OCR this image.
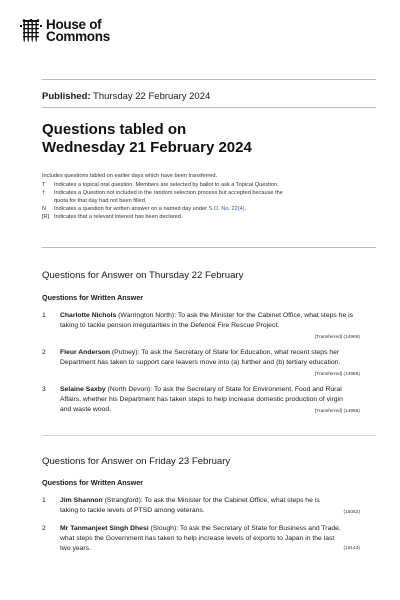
House of
Commons
Published: Thursday 22 February 2024
Questions tabled on
Wednesday 21 February 2024
Includes questions tabled on earlier days which have been transferred.
T	Indicates a topical oral question. Members are selected by ballot to ask a Topical Question.
†	Indicates a Question not included in the random selection process but accepted because the quota for that day had not been filled.
N	Indicates a question for written answer on a named day under S.O. No. 22(4).
[R] Indicates that a relevant interest has been declared.
Questions for Answer on Thursday 22 February
Questions for Written Answer
1 Charlotte Nichols (Warrington North): To ask the Minister for the Cabinet Office, what steps he is taking to tackle pension irregularities in the Defence Fire Rescue Project.
[Transferred] (14969)
2 Fleur Anderson (Putney): To ask the Secretary of State for Education, what recent steps her Department has taken to support care leavers move into (a) further and (b) tertiary education.
[Transferred] (14966)
3 Selaine Saxby (North Devon): To ask the Secretary of State for Environment, Food and Rural Affairs, whether his Department has taken steps to help increase domestic production of virgin and waste wood.	[Transferred] (14986)
Questions for Answer on Friday 23 February
Questions for Written Answer
1 Jim Shannon (Strangford): To ask the Minister for the Cabinet Office, what steps he is taking to tackle levels of PTSD among veterans.	(15062)
2 Mr Tanmanjeet Singh Dhesi (Slough): To ask the Secretary of State for Business and Trade, what steps the Government has taken to help increase levels of exports to Japan in the last two years.	(15143)
